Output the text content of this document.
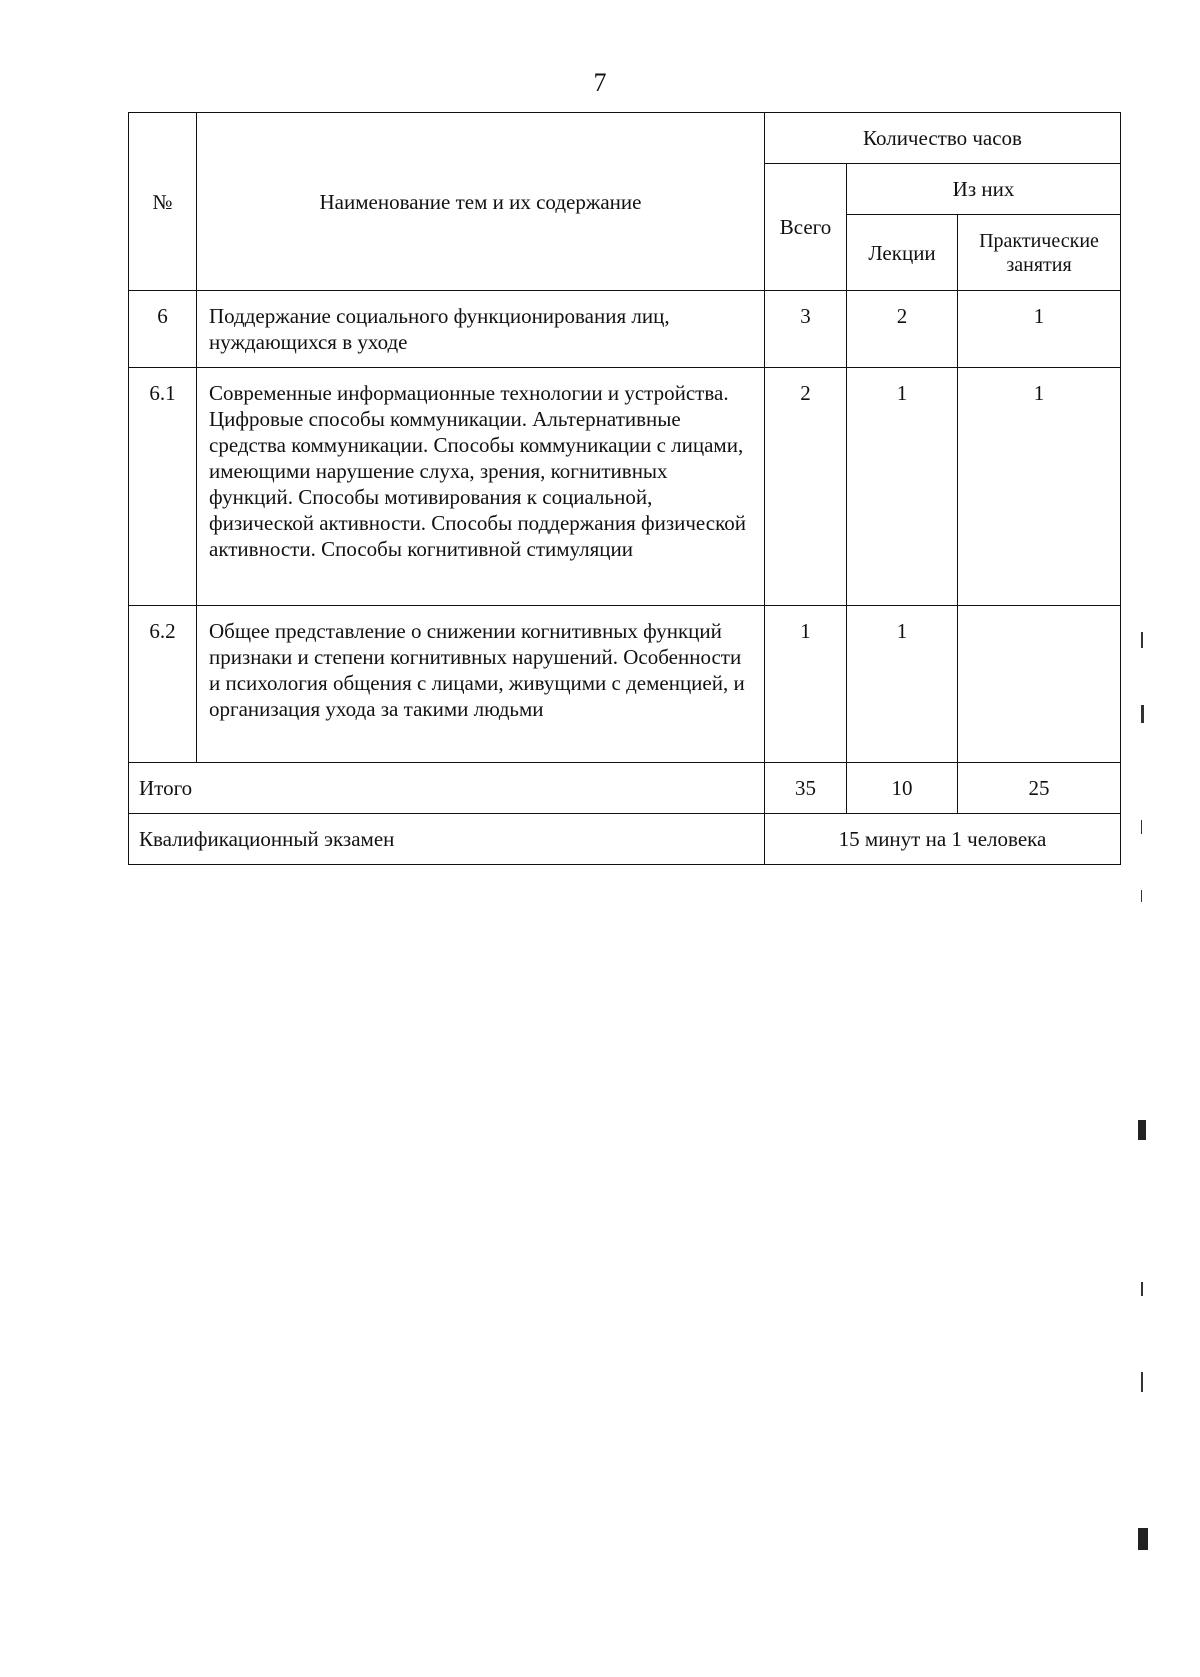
7
№	Наименование тем и их содержание	Количество часов		
		Всего	Из них	
			Лекции	Практические занятия
6	Поддержание социального функционирования лиц, нуждающихся в уходе	3	2	1
6.1	Современные информационные технологии и устройства. Цифровые способы коммуникации. Альтернативные средства коммуникации. Способы коммуникации с лицами, имеющими нарушение слуха, зрения, когнитивных функций. Способы мотивирования к социальной, физической активности. Способы поддержания физической активности. Способы когнитивной стимуляции	2	1	1
6.2	Общее представление о снижении когнитивных функций признаки и степени когнитивных нарушений. Особенности и психология общения с лицами, живущими с деменцией, и организация ухода за такими людьми	1	1	
Итого		35	10	25
Квалификационный экзамен		15 минут на 1 человека		
